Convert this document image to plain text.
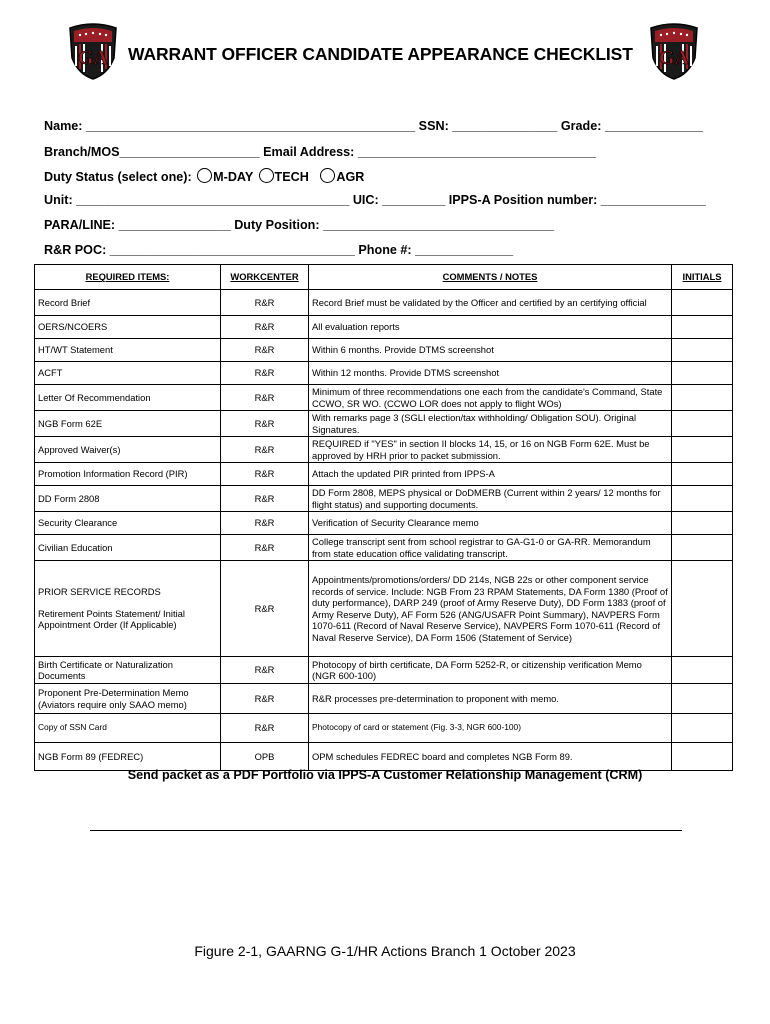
GA	GA
WARRANT OFFICER CANDIDATE APPEARANCE CHECKLIST
Name: _______________________________________________ SSN: _______________ Grade: ______________
Branch/MOS____________________ Email Address: __________________________________
Duty Status (select one): M-DAY TECH AGR
Unit: _______________________________________ UIC: _________ IPPS-A Position number: _______________
PARA/LINE: ________________ Duty Position: _________________________________
R&R POC: ___________________________________ Phone #: ______________
REQUIRED ITEMS:	WORKCENTER	COMMENTS / NOTES	INITIALS
Record Brief	R&R	Record Brief must be validated by the Officer and certified by an certifying official	
OERS/NCOERS	R&R	All evaluation reports	
HT/WT Statement	R&R	Within 6 months. Provide DTMS screenshot	
ACFT	R&R	Within 12 months. Provide DTMS screenshot	
Letter Of Recommendation	R&R	Minimum of three recommendations one each from the candidate's Command, State CCWO, SR WO. (CCWO LOR does not apply to flight WOs)	
NGB Form 62E	R&R	With remarks page 3 (SGLI election/tax withholding/ Obligation SOU). Original Signatures.	
Approved Waiver(s)	R&R	REQUIRED if "YES" in section II blocks 14, 15, or 16 on NGB Form 62E. Must be approved by HRH prior to packet submission.	
Promotion Information Record (PIR)	R&R	Attach the updated PIR printed from IPPS-A	
DD Form 2808	R&R	DD Form 2808, MEPS physical or DoDMERB (Current within 2 years/ 12 months for flight status) and supporting documents.	
Security Clearance	R&R	Verification of Security Clearance memo	
Civilian Education	R&R	College transcript sent from school registrar to GA-G1-0 or GA-RR. Memorandum from state education office validating transcript.	

PRIOR SERVICE RECORDS
Retirement Points Statement/ Initial Appointment Order (If Applicable)	R&R	Appointments/promotions/orders/ DD 214s, NGB 22s or other component service records of service. Include: NGB From 23 RPAM Statements, DA Form 1380 (Proof of duty performance), DARP 249 (proof of Army Reserve Duty), DD Form 1383 (proof of Army Reserve Duty), AF Form 526 (ANG/USAFR Point Summary), NAVPERS Form 1070-611 (Record of Naval Reserve Service), NAVPERS Form 1070-611 (Record of Naval Reserve Service), DA Form 1506 (Statement of Service)	
Birth Certificate or Naturalization Documents	R&R	Photocopy of birth certificate, DA Form 5252-R, or citizenship verification Memo (NGR 600-100)	
Proponent Pre-Determination Memo (Aviators require only SAAO memo)	R&R	R&R processes pre-determination to proponent with memo.	
Copy of SSN Card	R&R	Photocopy of card or statement (Fig. 3-3, NGR 600-100)	
NGB Form 89 (FEDREC)	OPB	OPM schedules FEDREC board and completes NGB Form 89.	
Send packet as a PDF Portfolio via IPPS-A Customer Relationship Management (CRM)
Figure 2-1, GAARNG G-1/HR Actions Branch 1 October 2023
